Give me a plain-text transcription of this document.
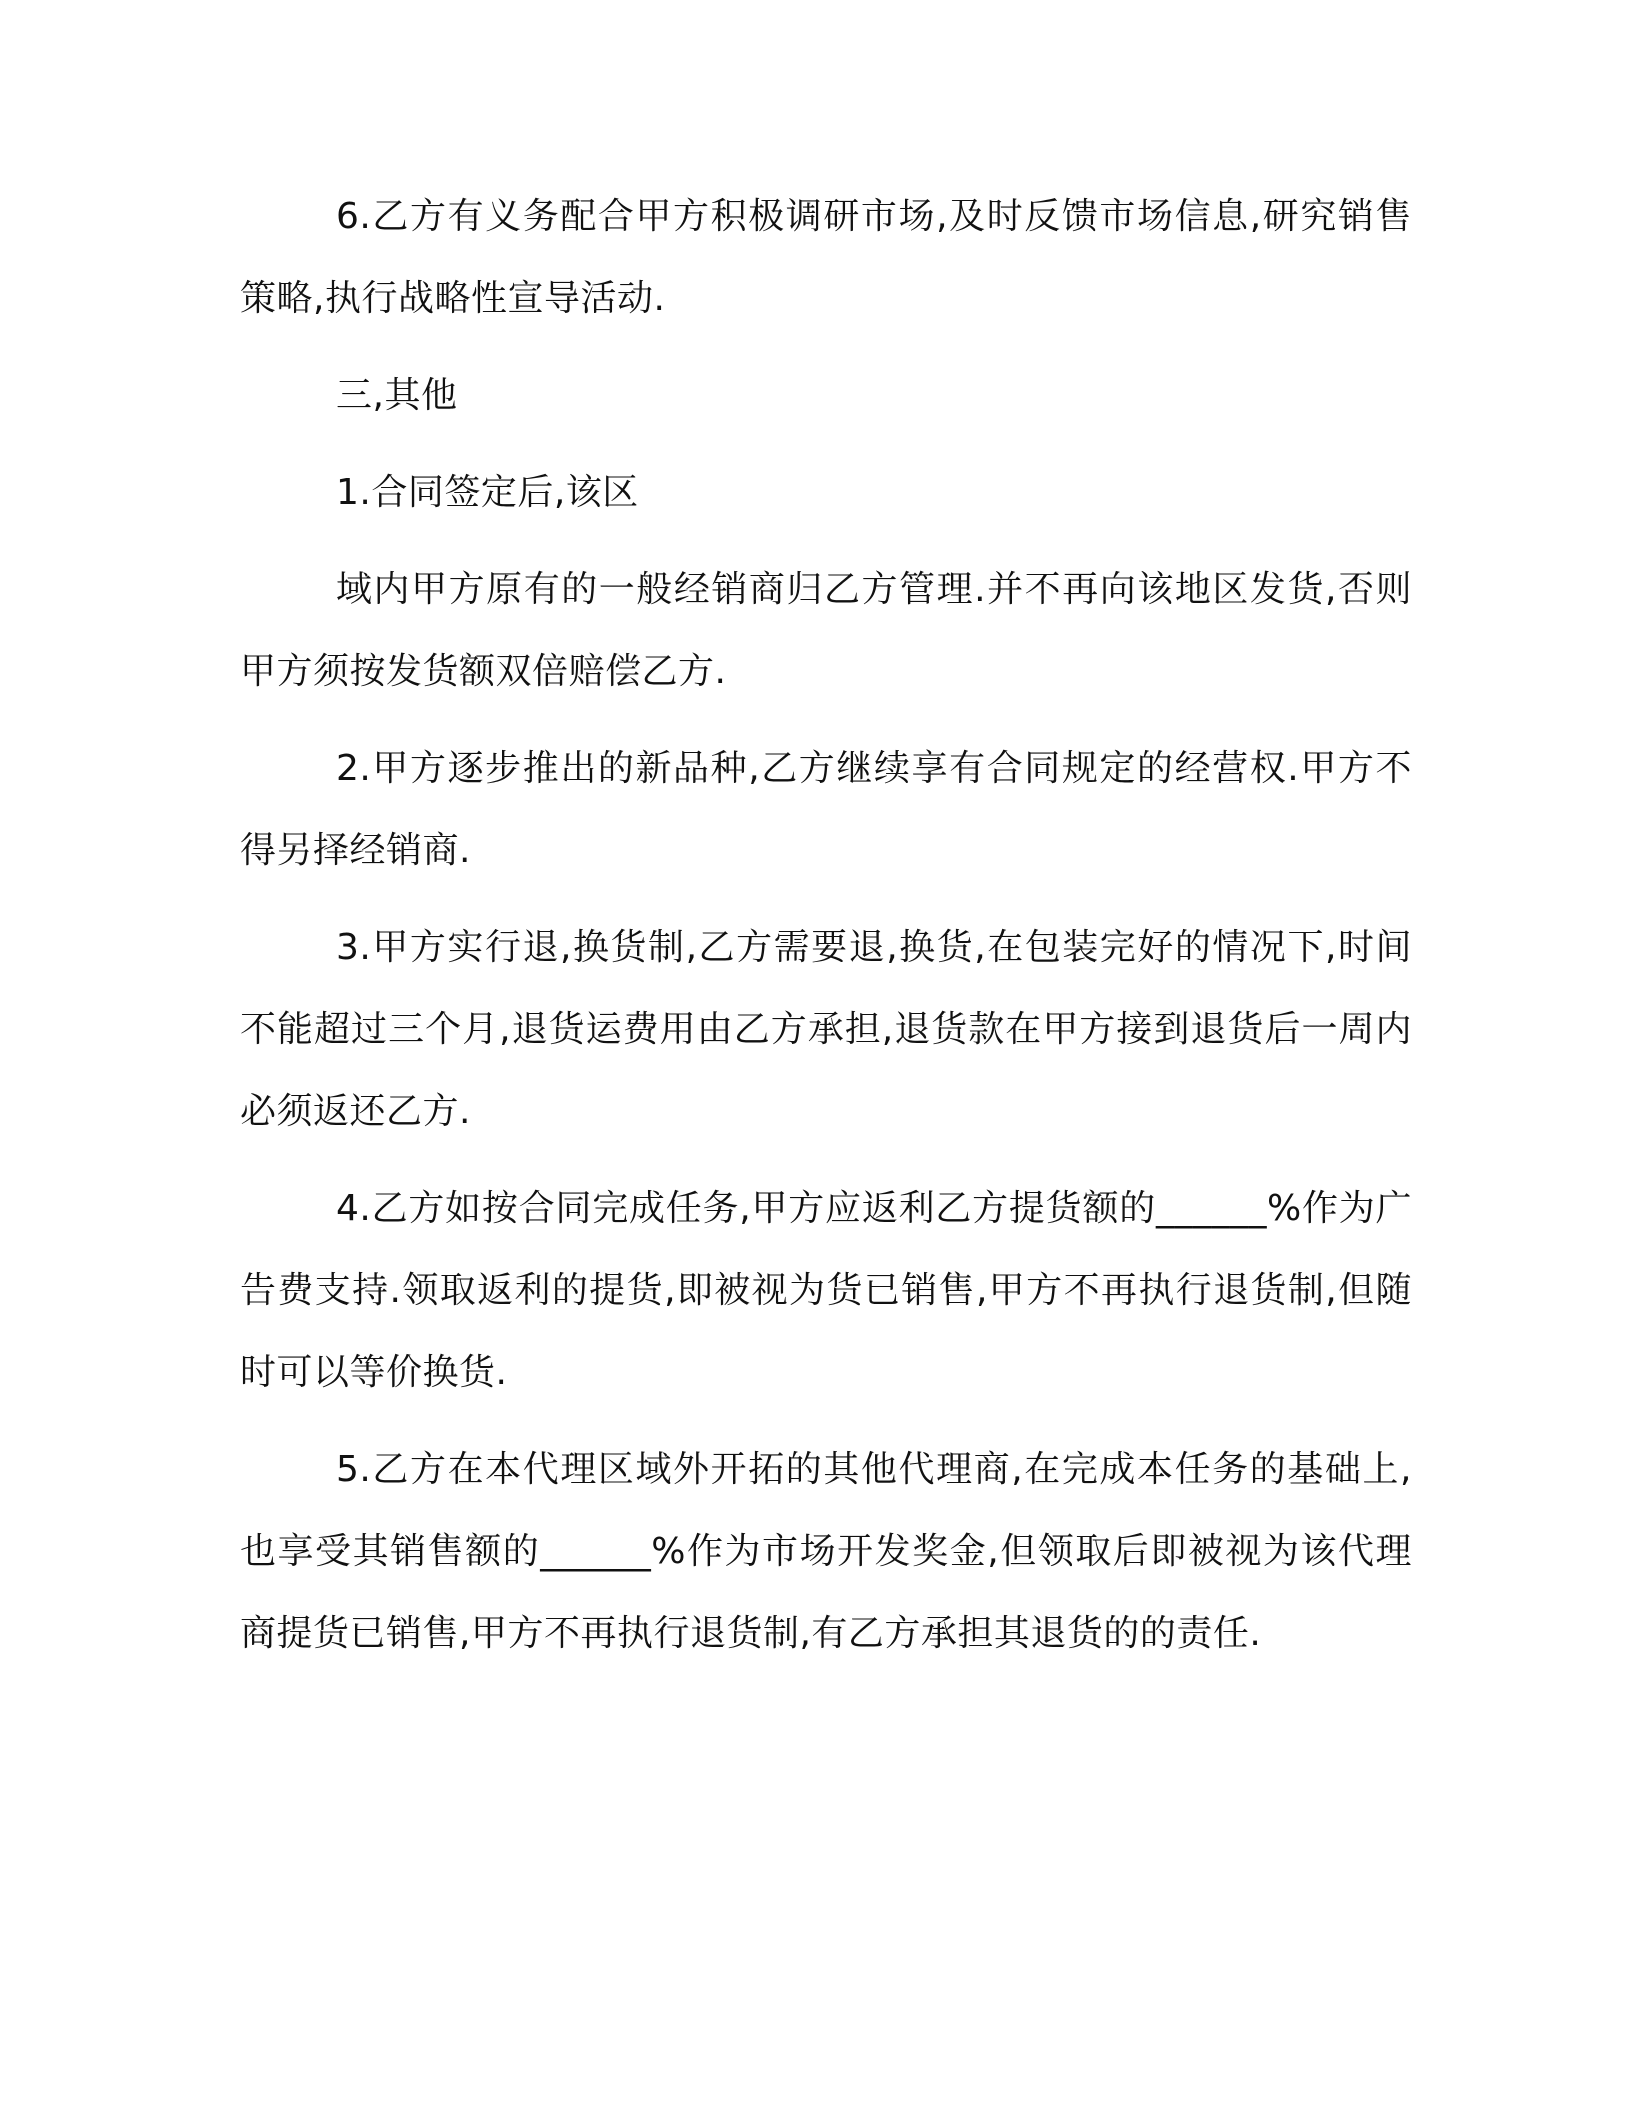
6.乙方有义务配合甲方积极调研市场,及时反馈市场信息,研究销售策略,执行战略性宣导活动.

三,其他

1.合同签定后,该区

域内甲方原有的一般经销商归乙方管理.并不再向该地区发货,否则甲方须按发货额双倍赔偿乙方.

2.甲方逐步推出的新品种,乙方继续享有合同规定的经营权.甲方不得另择经销商.

3.甲方实行退,换货制,乙方需要退,换货,在包装完好的情况下,时间不能超过三个月,退货运费用由乙方承担,退货款在甲方接到退货后一周内必须返还乙方.

4.乙方如按合同完成任务,甲方应返利乙方提货额的______%作为广告费支持.领取返利的提货,即被视为货已销售,甲方不再执行退货制,但随时可以等价换货.

5.乙方在本代理区域外开拓的其他代理商,在完成本任务的基础上,也享受其销售额的______%作为市场开发奖金,但领取后即被视为该代理商提货已销售,甲方不再执行退货制,有乙方承担其退货的的责任.
